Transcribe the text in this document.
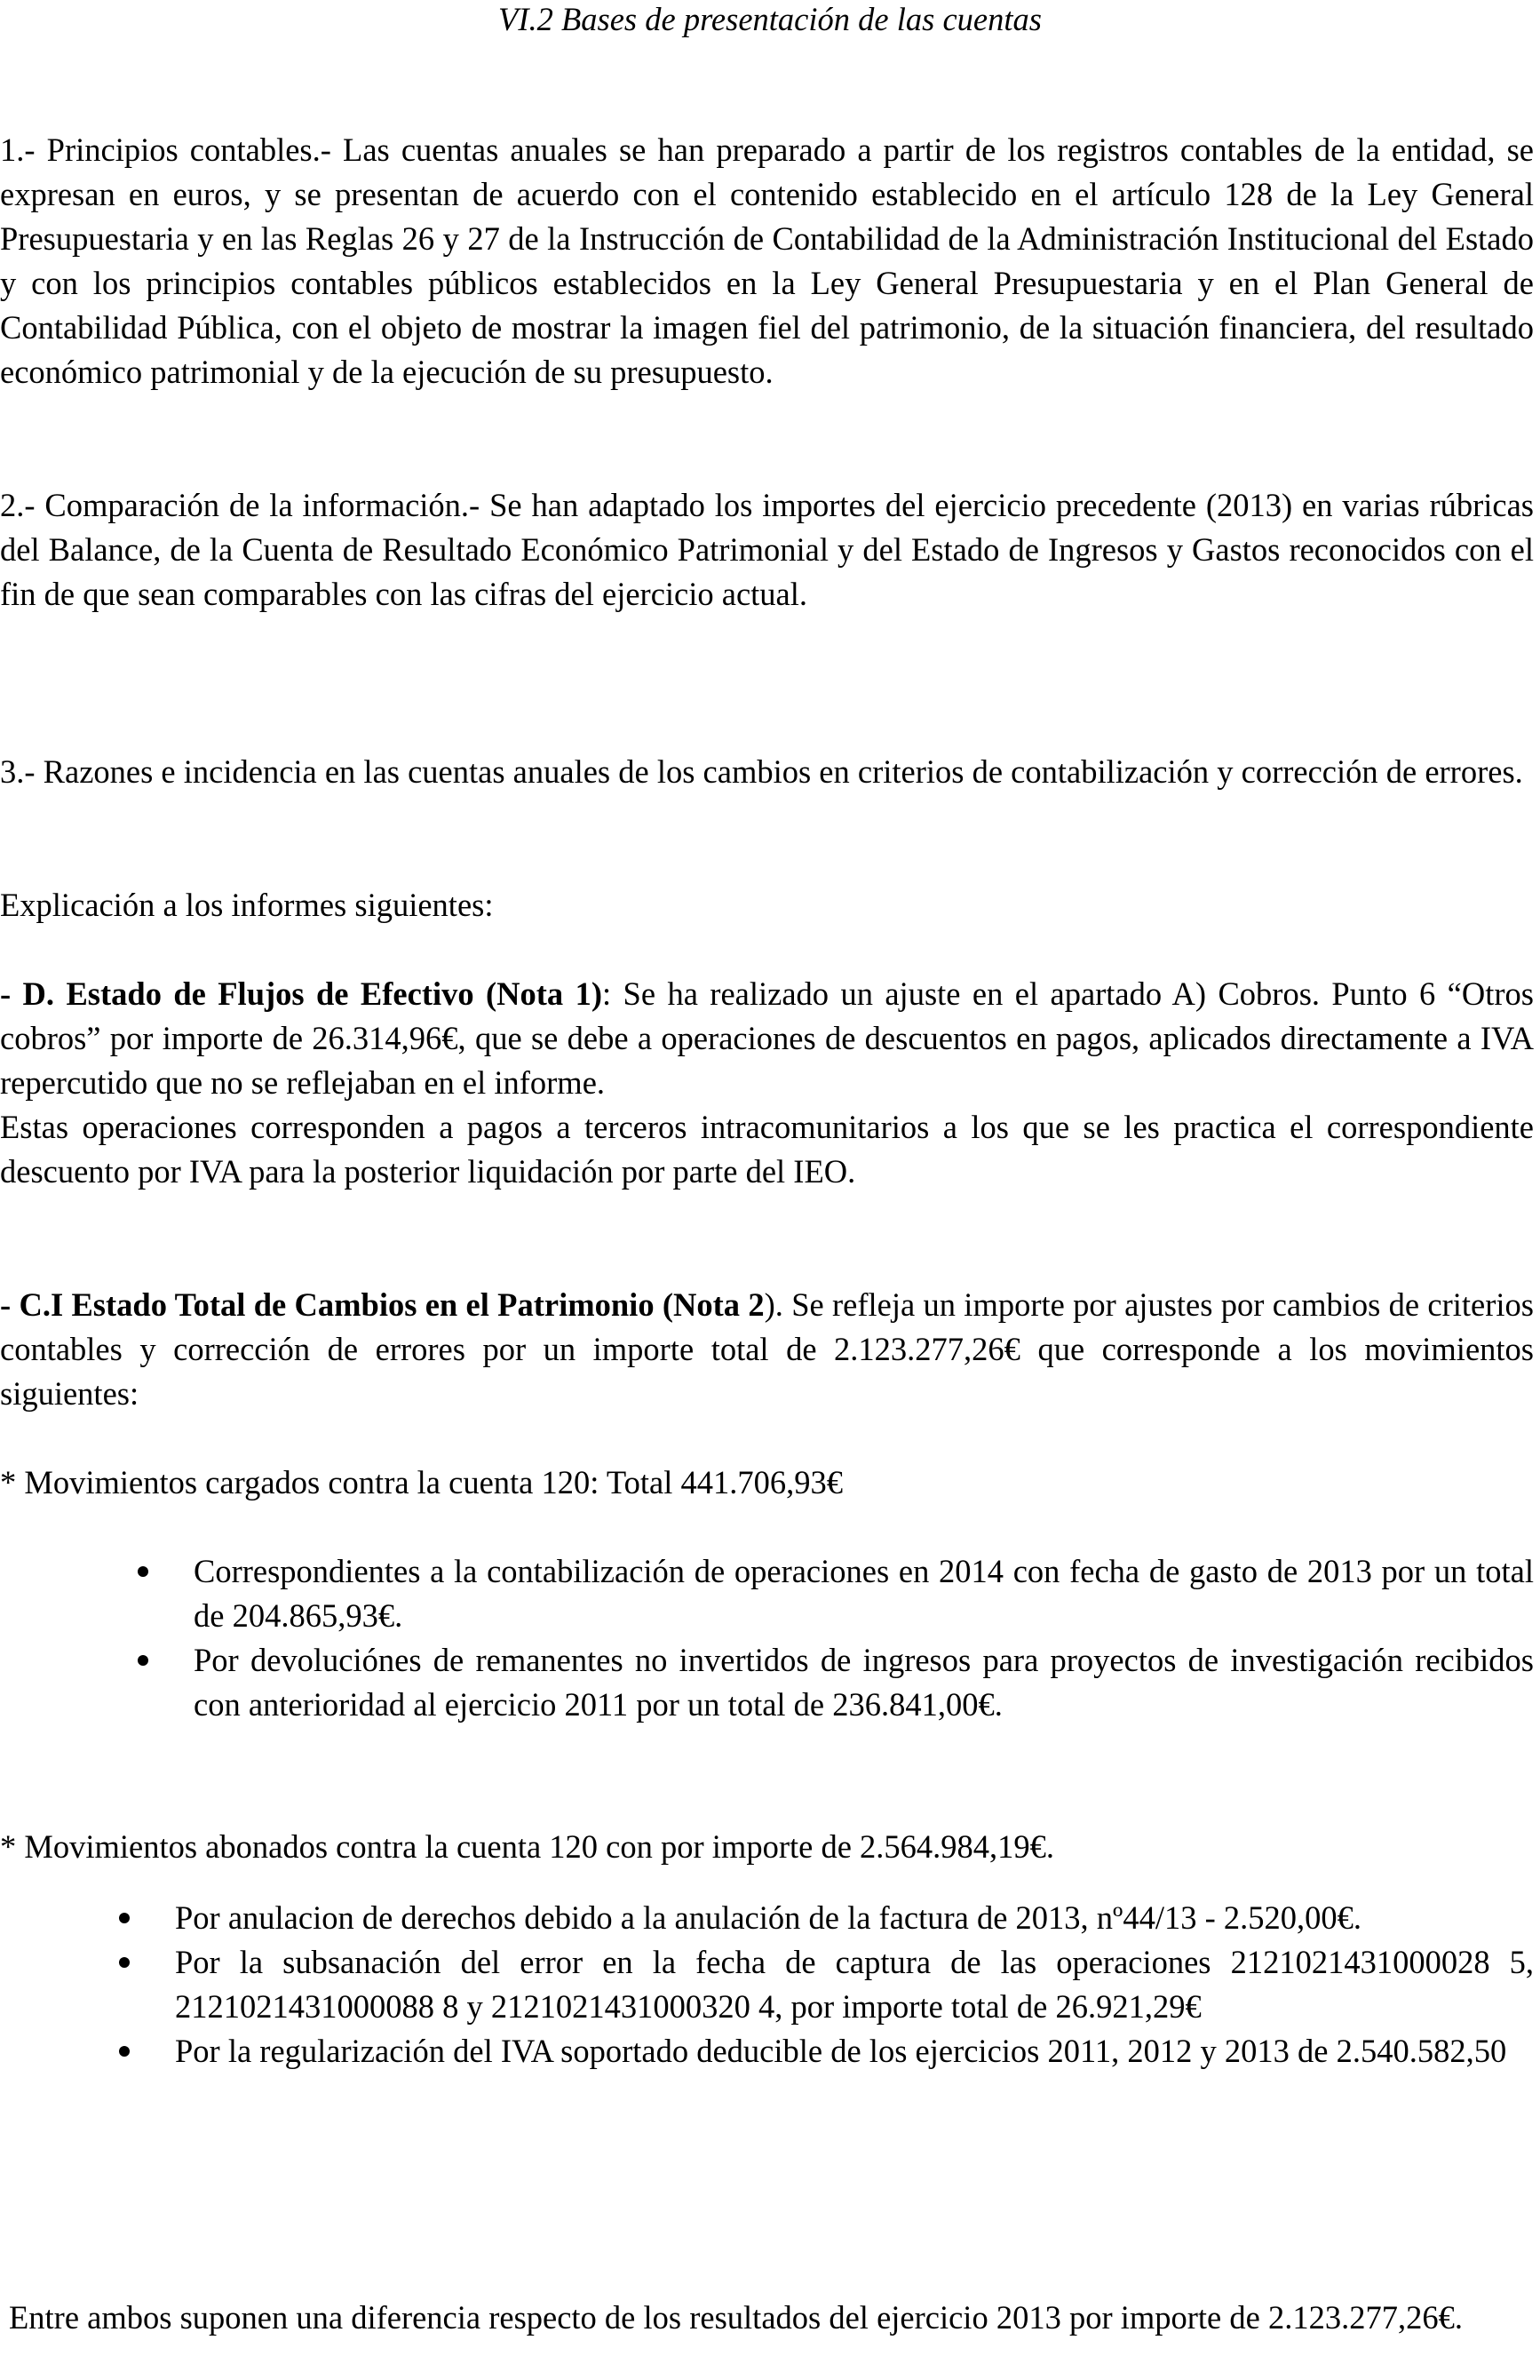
VI.2 Bases de presentación de las cuentas

1.- Principios contables.- Las cuentas anuales se han preparado a partir de los registros contables de la entidad, se expresan en euros, y se presentan de acuerdo con el contenido establecido en el artículo 128 de la Ley General Presupuestaria y en las Reglas 26 y 27 de la Instrucción de Contabilidad de la Administración Institucional del Estado y con los principios contables públicos establecidos en la Ley General Presupuestaria y en el Plan General de Contabilidad Pública, con el objeto de mostrar la imagen fiel del patrimonio, de la situación financiera, del resultado económico patrimonial y de la ejecución de su presupuesto.

2.- Comparación de la información.- Se han adaptado los importes del ejercicio precedente (2013) en varias rúbricas del Balance, de la Cuenta de Resultado Económico Patrimonial y del Estado de Ingresos y Gastos reconocidos con el fin de que sean comparables con las cifras del ejercicio actual.

3.- Razones e incidencia en las cuentas anuales de los cambios en criterios de contabilización y corrección de errores.

Explicación a los informes siguientes:

- D. Estado de Flujos de Efectivo (Nota 1): Se ha realizado un ajuste en el apartado A) Cobros. Punto 6 “Otros cobros” por importe de 26.314,96€, que se debe a operaciones de descuentos en pagos, aplicados directamente a IVA repercutido que no se reflejaban en el informe.

Estas operaciones corresponden a pagos a terceros intracomunitarios a los que se les practica el correspondiente descuento por IVA para la posterior liquidación por parte del IEO.

- C.I Estado Total de Cambios en el Patrimonio (Nota 2). Se refleja un importe por ajustes por cambios de criterios contables y corrección de errores por un importe total de 2.123.277,26€ que corresponde a los movimientos siguientes:

* Movimientos cargados contra la cuenta 120: Total 441.706,93€

Correspondientes a la contabilización de operaciones en 2014 con fecha de gasto de 2013 por un total de 204.865,93€.
Por devoluciónes de remanentes no invertidos de ingresos para proyectos de investigación recibidos con anterioridad al ejercicio 2011 por un total de 236.841,00€.

* Movimientos abonados contra la cuenta 120 con por importe de 2.564.984,19€.

Por anulacion de derechos debido a la anulación de la factura de 2013, nº44/13 - 2.520,00€.
Por la subsanación del error en la fecha de captura de las operaciones 2121021431000028 5, 2121021431000088 8 y 2121021431000320 4, por importe total de 26.921,29€
Por la regularización del IVA soportado deducible de los ejercicios 2011, 2012 y 2013 de 2.540.582,50

Entre ambos suponen una diferencia respecto de los resultados del ejercicio 2013 por importe de 2.123.277,26€.
